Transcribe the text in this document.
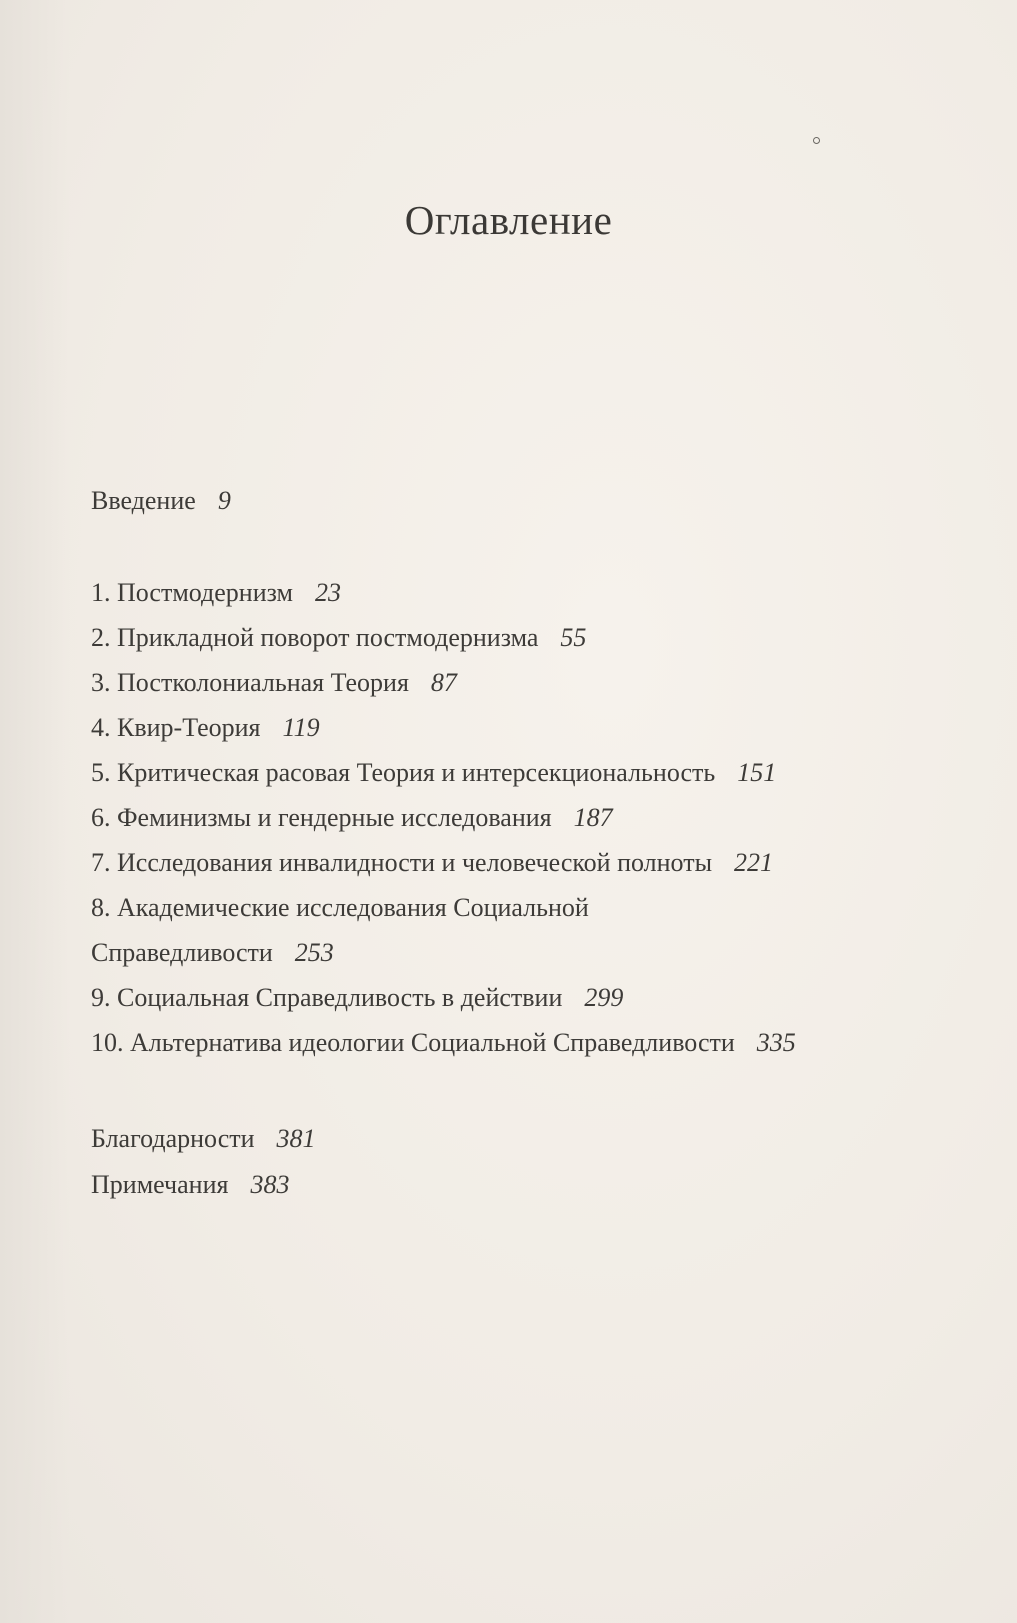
Оглавление
Введение 9
1. Постмодернизм 23
2. Прикладной поворот постмодернизма 55
3. Постколониальная Теория 87
4. Квир-Теория 119
5. Критическая расовая Теория и интерсекциональность 151
6. Феминизмы и гендерные исследования 187
7. Исследования инвалидности и человеческой полноты 221
8. Академические исследования Социальной
Справедливости 253
9. Социальная Справедливость в действии 299
10. Альтернатива идеологии Социальной Справедливости 335
Благодарности 381
Примечания 383
